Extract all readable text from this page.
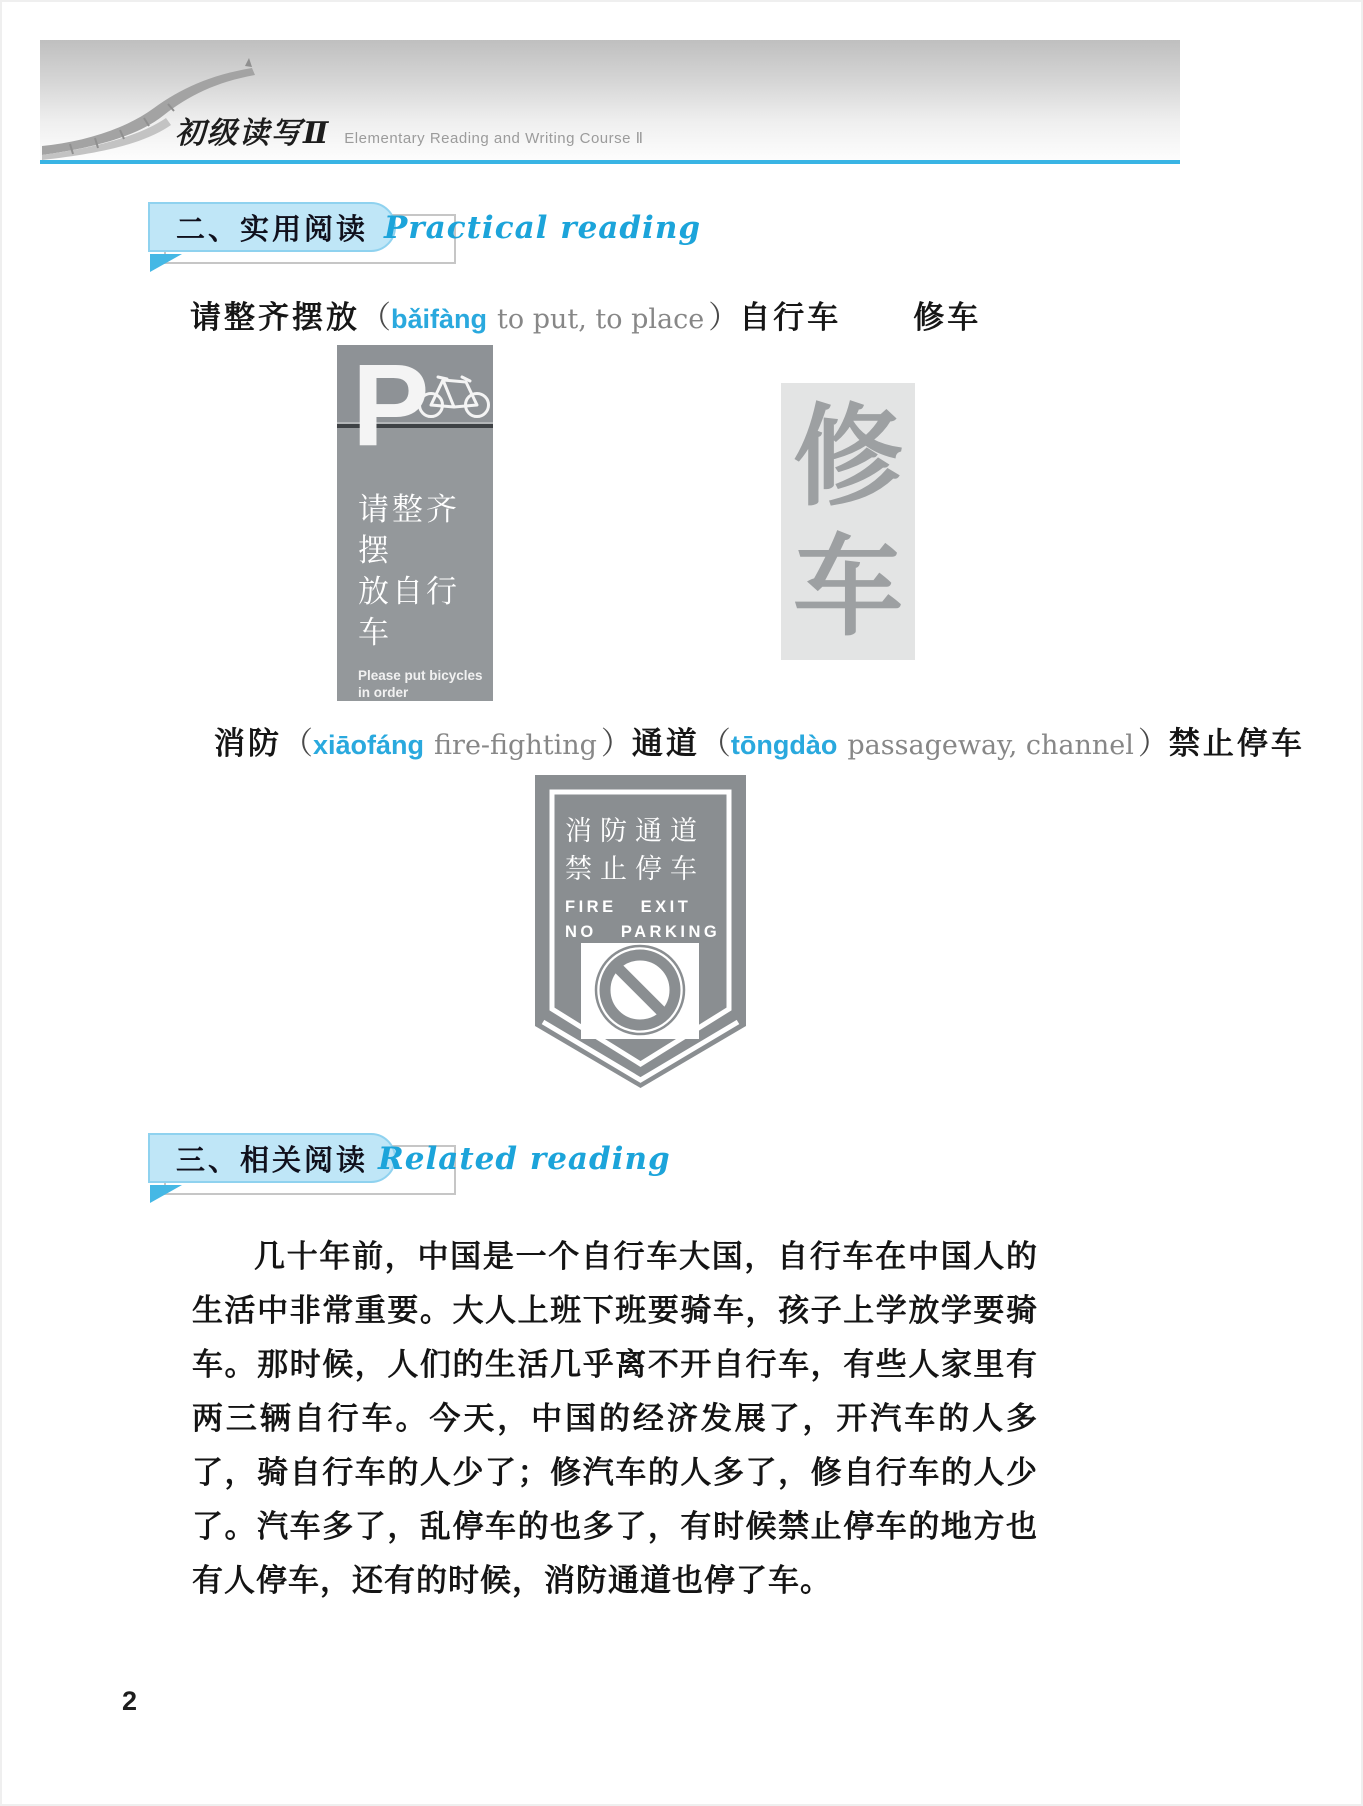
初级读写Ⅱ Elementary Reading and Writing Course Ⅱ
二、实用阅读 Practical reading
请整齐摆放（bǎifàng to put, to place ）自行车 修车
P
请整齐摆
放自行车
Please put bicycles
in order
修
车
消防（xiāofáng fire-fighting ）通道（tōngdào passageway, channel ）禁止停车
消防通道
禁止停车
FIRE EXIT
NO PARKING
三、相关阅读 Related reading

几十年前，中国是一个自行车大国，自行车在中国人的生活中非常重要。大人上班下班要骑车，孩子上学放学要骑车。那时候，人们的生活几乎离不开自行车，有些人家里有两三辆自行车。今天，中国的经济发展了，开汽车的人多了，骑自行车的人少了；修汽车的人多了，修自行车的人少了。汽车多了，乱停车的也多了，有时候禁止停车的地方也有人停车，还有的时候，消防通道也停了车。

2
